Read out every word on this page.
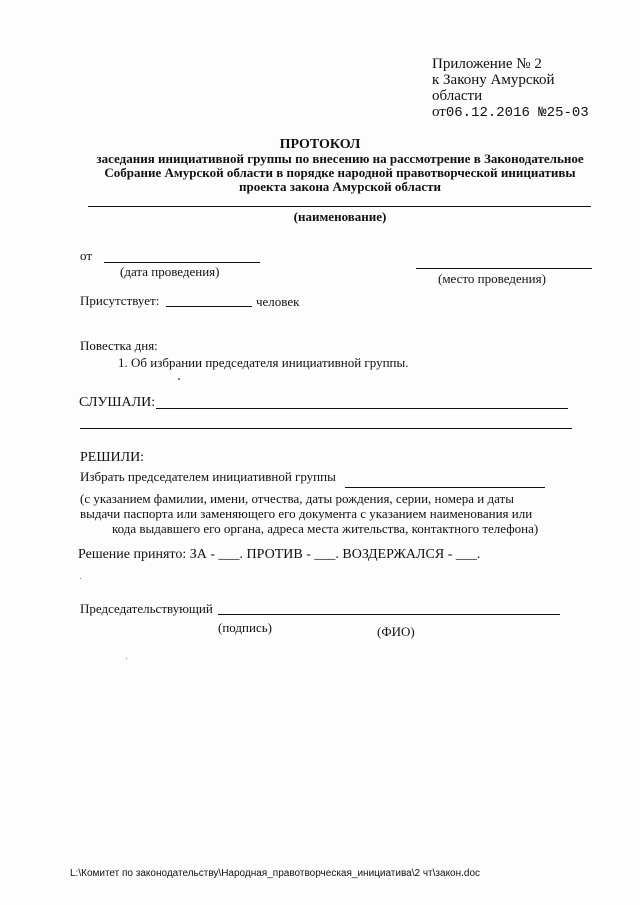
Приложение № 2
к Закону Амурской
области
от06.12.2016 №25-03
ПРОТОКОЛ
заседания инициативной группы по внесению на рассмотрение в Законодательное
Собрание Амурской области в порядке народной правотворческой инициативы
проекта закона Амурской области
(наименование)
от
(дата проведения)	(место проведения)
Присутствует:	человек
Повестка дня:
1. Об избрании председателя инициативной группы.
СЛУШАЛИ:
РЕШИЛИ:
Избрать председателем инициативной группы
(с указанием фамилии, имени, отчества, даты рождения, серии, номера и даты
выдачи паспорта или заменяющего его документа с указанием наименования или
кода выдавшего его органа, адреса места жительства, контактного телефона)
Решение принято: ЗА - ___. ПРОТИВ - ___. ВОЗДЕРЖАЛСЯ - ___.
Председательствующий
(подпись)	(ФИО)
L:\Комитет по законодательству\Народная_правотворческая_инициатива\2 чт\закон.doc
